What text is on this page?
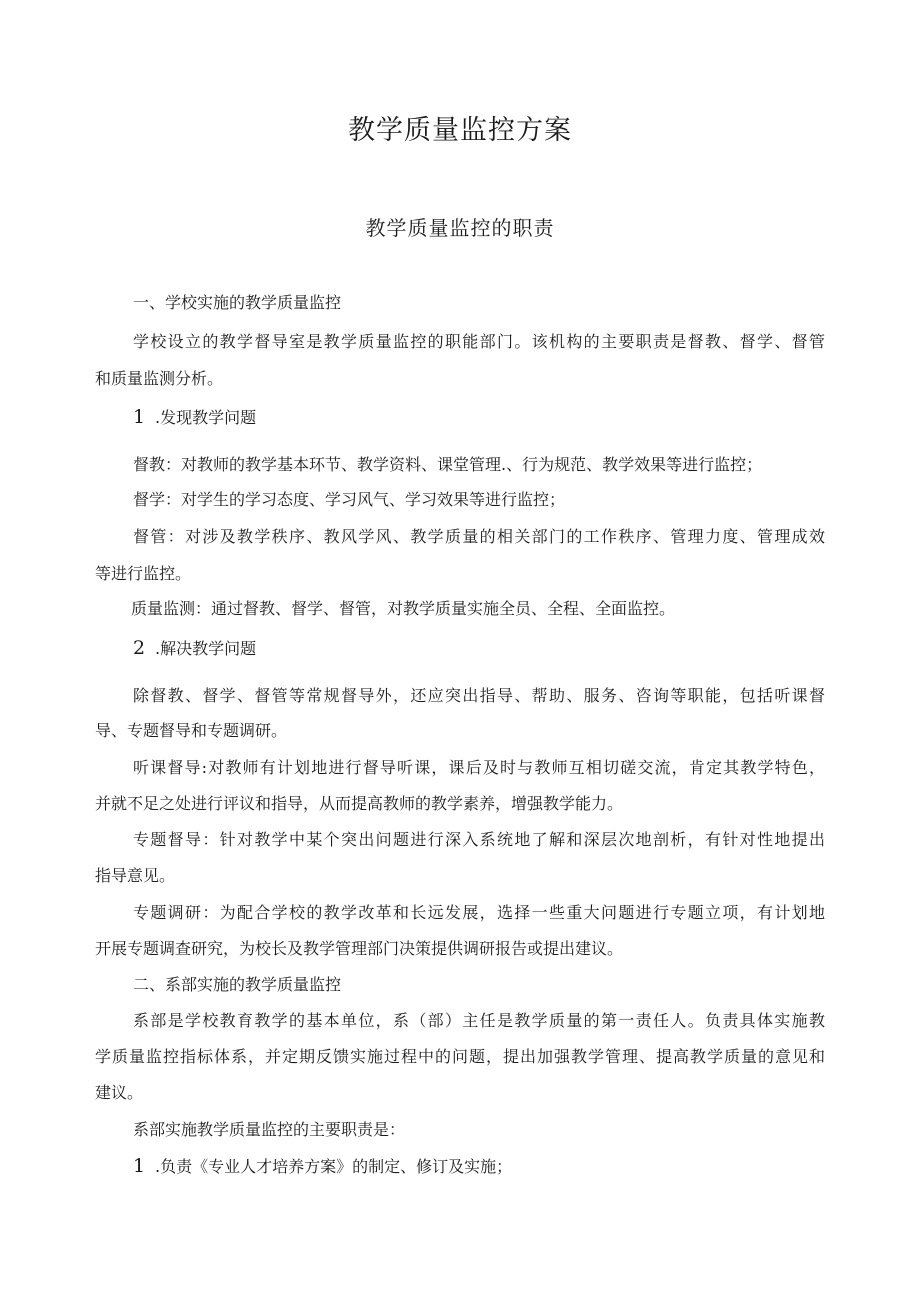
教学质量监控方案
教学质量监控的职责
一、学校实施的教学质量监控
学校设立的教学督导室是教学质量监控的职能部门。该机构的主要职责是督教、督学、督管
和质量监测分析。
1 .发现教学问题
督教：对教师的教学基本环节、教学资料、课堂管理.、行为规范、教学效果等进行监控；
督学：对学生的学习态度、学习风气、学习效果等进行监控；
督管：对涉及教学秩序、教风学风、教学质量的相关部门的工作秩序、管理力度、管理成效
等进行监控。
质量监测：通过督教、督学、督管，对教学质量实施全员、全程、全面监控。
2 .解决教学问题
除督教、督学、督管等常规督导外，还应突出指导、帮助、服务、咨询等职能，包括听课督
导、专题督导和专题调研。
听课督导:对教师有计划地进行督导听课，课后及时与教师互相切磋交流，肯定其教学特色，
并就不足之处进行评议和指导，从而提高教师的教学素养，增强教学能力。
专题督导：针对教学中某个突出问题进行深入系统地了解和深层次地剖析，有针对性地提出
指导意见。
专题调研：为配合学校的教学改革和长远发展，选择一些重大问题进行专题立项，有计划地
开展专题调查研究，为校长及教学管理部门决策提供调研报告或提出建议。
二、系部实施的教学质量监控
系部是学校教育教学的基本单位，系（部）主任是教学质量的第一责任人。负责具体实施教
学质量监控指标体系，并定期反馈实施过程中的问题，提出加强教学管理、提高教学质量的意见和
建议。
系部实施教学质量监控的主要职责是：
1 .负责《专业人才培养方案》的制定、修订及实施；
